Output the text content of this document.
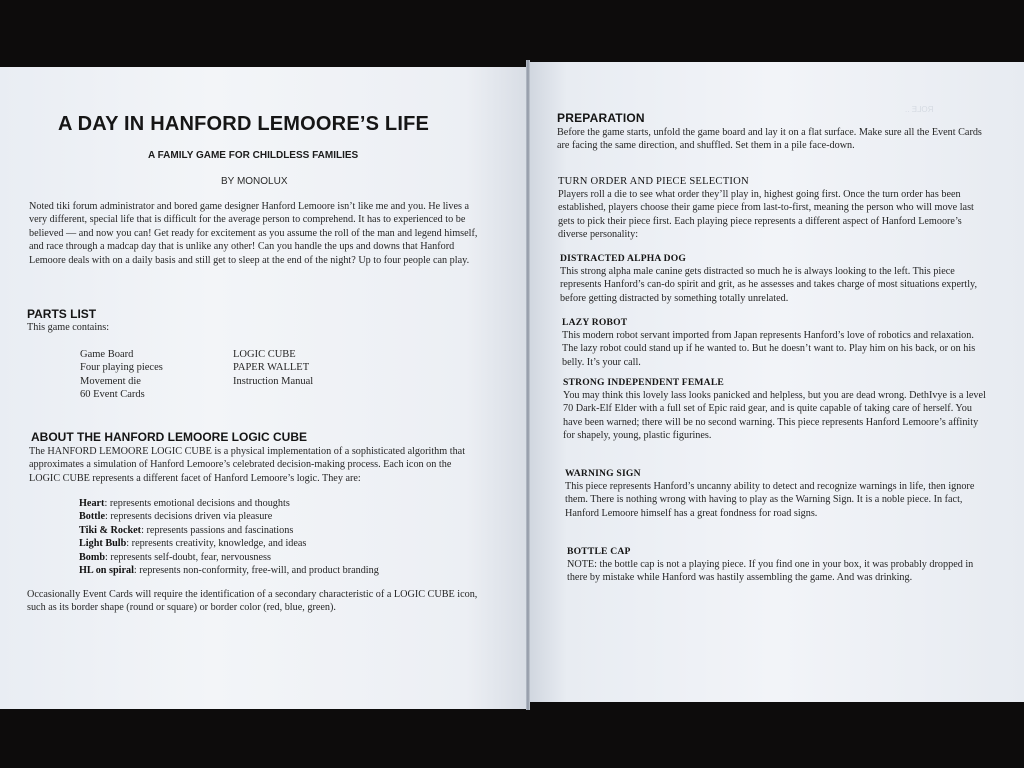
A DAY IN HANFORD LEMOORE’S LIFE
A FAMILY GAME FOR CHILDLESS FAMILIES
BY MONOLUX

Noted tiki forum administrator and bored game designer Hanford Lemoore isn’t like me and you. He lives a very different, special life that is difficult for the average person to comprehend. It has to experienced to be believed — and now you can! Get ready for excitement as you assume the roll of the man and legend himself, and race through a madcap day that is unlike any other! Can you handle the ups and downs that Hanford Lemoore deals with on a daily basis and still get to sleep at the end of the night? Up to four people can play.

PARTS LIST
This game contains:
Game Board
Four playing pieces
Movement die
60 Event Cards
LOGIC CUBE
PAPER WALLET
Instruction Manual
ABOUT THE HANFORD LEMOORE LOGIC CUBE

The HANFORD LEMOORE LOGIC CUBE is a physical implementation of a sophisticated algorithm that approximates a simulation of Hanford Lemoore’s celebrated decision-making process. Each icon on the LOGIC CUBE represents a different facet of Hanford Lemoore’s logic. They are:

Heart: represents emotional decisions and thoughts
Bottle: represents decisions driven via pleasure
Tiki & Rocket: represents passions and fascinations
Light Bulb: represents creativity, knowledge, and ideas
Bomb: represents self-doubt, fear, nervousness
HL on spiral: represents non-conformity, free-will, and product branding

Occasionally Event Cards will require the identification of a secondary characteristic of a LOGIC CUBE icon, such as its border shape (round or square) or border color (red, blue, green).

ROLE ..
PREPARATION

Before the game starts, unfold the game board and lay it on a flat surface. Make sure all the Event Cards are facing the same direction, and shuffled. Set them in a pile face-down.

TURN ORDER AND PIECE SELECTION

Players roll a die to see what order they’ll play in, highest going first. Once the turn order has been established, players choose their game piece from last-to-first, meaning the person who will move last gets to pick their piece first. Each playing piece represents a different aspect of Hanford Lemoore’s diverse personality:

DISTRACTED ALPHA DOG

This strong alpha male canine gets distracted so much he is always looking to the left. This piece represents Hanford’s can-do spirit and grit, as he assesses and takes charge of most situations expertly, before getting distracted by something totally unrelated.

LAZY ROBOT

This modern robot servant imported from Japan represents Hanford’s love of robotics and relaxation. The lazy robot could stand up if he wanted to. But he doesn’t want to. Play him on his back, or on his belly. It’s your call.

STRONG INDEPENDENT FEMALE

You may think this lovely lass looks panicked and helpless, but you are dead wrong. DethIvye is a level 70 Dark-Elf Elder with a full set of Epic raid gear, and is quite capable of taking care of herself. You have been warned; there will be no second warning. This piece represents Hanford Lemoore’s affinity for shapely, young, plastic figurines.

WARNING SIGN

This piece represents Hanford’s uncanny ability to detect and recognize warnings in life, then ignore them. There is nothing wrong with having to play as the Warning Sign. It is a noble piece. In fact, Hanford Lemoore himself has a great fondness for road signs.

BOTTLE CAP

NOTE: the bottle cap is not a playing piece. If you find one in your box, it was probably dropped in there by mistake while Hanford was hastily assembling the game. And was drinking.
